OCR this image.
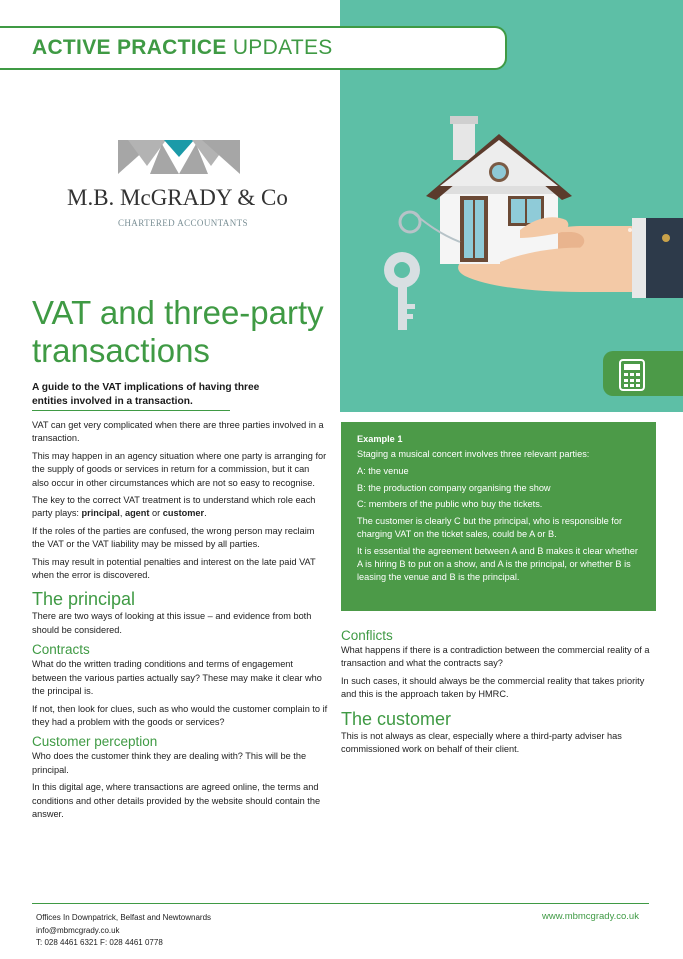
ACTIVE PRACTICE UPDATES	OCTOBER 2017
M.B. McGRADY & Co
CHARTERED ACCOUNTANTS
VAT and three-party transactions
A guide to the VAT implications of having three entities involved in a transaction.

VAT can get very complicated when there are three parties involved in a transaction.

This may happen in an agency situation where one party is arranging for the supply of goods or services in return for a commission, but it can also occur in other circumstances which are not so easy to recognise.

The key to the correct VAT treatment is to understand which role each party plays: principal, agent or customer.

If the roles of the parties are confused, the wrong person may reclaim the VAT or the VAT liability may be missed by all parties.

This may result in potential penalties and interest on the late paid VAT when the error is discovered.

The principal

There are two ways of looking at this issue – and evidence from both should be considered.

Contracts

What do the written trading conditions and terms of engagement between the various parties actually say? These may make it clear who the principal is.

If not, then look for clues, such as who would the customer complain to if they had a problem with the goods or services?

Customer perception

Who does the customer think they are dealing with? This will be the principal.

In this digital age, where transactions are agreed online, the terms and conditions and other details provided by the website should contain the answer.

Example 1

Staging a musical concert involves three relevant parties:

A: the venue

B: the production company organising the show

C: members of the public who buy the tickets.

The customer is clearly C but the principal, who is responsible for charging VAT on the ticket sales, could be A or B.

It is essential the agreement between A and B makes it clear whether A is hiring B to put on a show, and A is the principal, or whether B is leasing the venue and B is the principal.

Conflicts

What happens if there is a contradiction between the commercial reality of a transaction and what the contracts say?

In such cases, it should always be the commercial reality that takes priority and this is the approach taken by HMRC.

The customer

This is not always as clear, especially where a third-party adviser has commissioned work on behalf of their client.

Offices In Downpatrick, Belfast and Newtownards
info@mbmcgrady.co.uk
T: 028 4461 6321 F: 028 4461 0778
www.mbmcgrady.co.uk
